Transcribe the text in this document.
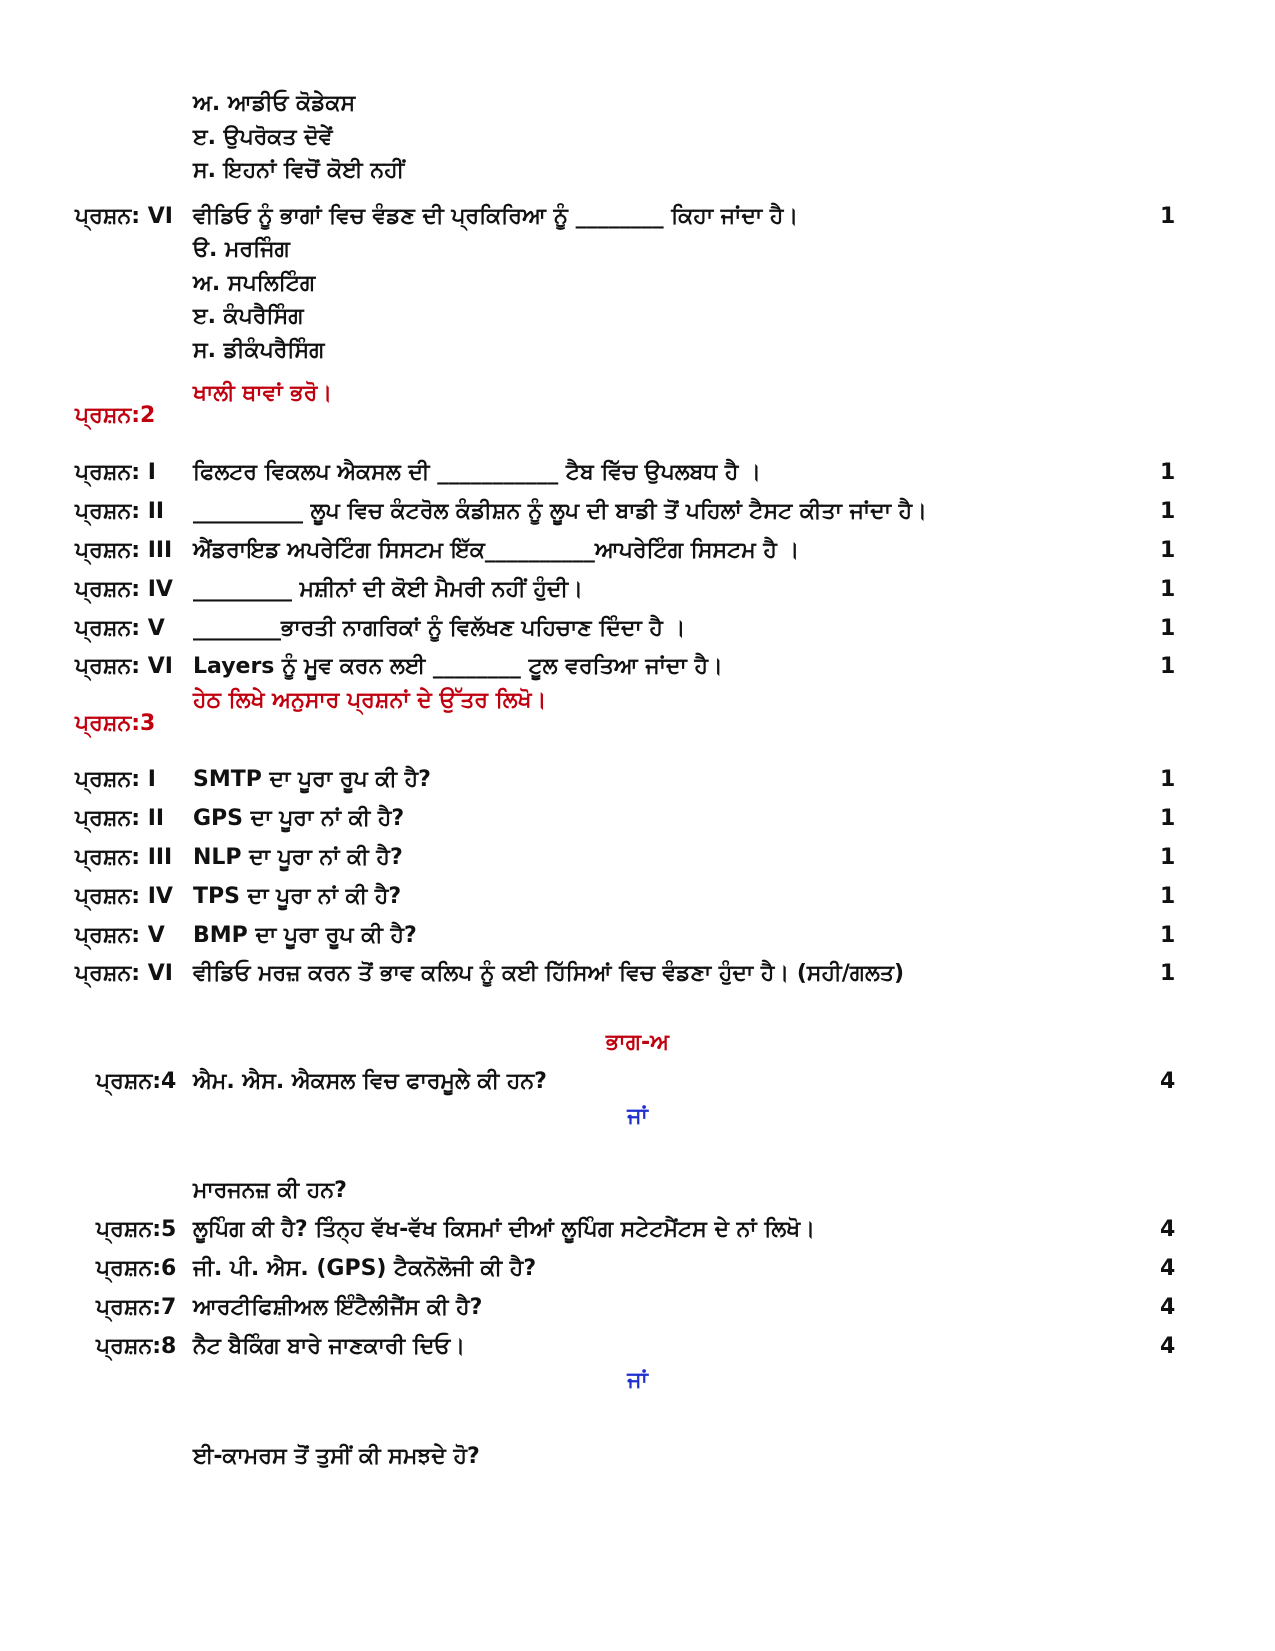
ਅ. ਆਡੀਓ ਕੋਡੇਕਸ
ੲ. ਉਪਰੋਕਤ ਦੋਵੇਂ
ਸ. ਇਹਨਾਂ ਵਿਚੋਂ ਕੋਈ ਨਹੀਂ
ਪ੍ਰਸ਼ਨ: VI ਵੀਡਿਓ ਨੂੰ ਭਾਗਾਂ ਵਿਚ ਵੰਡਣ ਦੀ ਪ੍ਰਕਿਰਿਆ ਨੂੰ ________ ਕਿਹਾ ਜਾਂਦਾ ਹੈ।	1
ੳ. ਮਰਜਿੰਗ
ਅ. ਸਪਲਿਟਿੰਗ
ੲ. ਕੰਪਰੈਸਿੰਗ
ਸ. ਡੀਕੰਪਰੈਸਿੰਗ
ਖਾਲੀ ਥਾਵਾਂ ਭਰੋ।
ਪ੍ਰਸ਼ਨ:2
ਪ੍ਰਸ਼ਨ: I ਫਿਲਟਰ ਵਿਕਲਪ ਐਕਸਲ ਦੀ ___________ ਟੈਬ ਵਿੱਚ ਉਪਲਬਧ ਹੈ ।	1
ਪ੍ਰਸ਼ਨ: II __________ ਲੂਪ ਵਿਚ ਕੰਟਰੋਲ ਕੰਡੀਸ਼ਨ ਨੂੰ ਲੂਪ ਦੀ ਬਾਡੀ ਤੋਂ ਪਹਿਲਾਂ ਟੈਸਟ ਕੀਤਾ ਜਾਂਦਾ ਹੈ।	1
ਪ੍ਰਸ਼ਨ: III ਐਂਡਰਾਇਡ ਅਪਰੇਟਿੰਗ ਸਿਸਟਮ ਇੱਕ__________ਆਪਰੇਟਿੰਗ ਸਿਸਟਮ ਹੈ ।	1
ਪ੍ਰਸ਼ਨ: IV _________ ਮਸ਼ੀਨਾਂ ਦੀ ਕੋਈ ਮੈਮਰੀ ਨਹੀਂ ਹੁੰਦੀ।	1
ਪ੍ਰਸ਼ਨ: V ________ਭਾਰਤੀ ਨਾਗਰਿਕਾਂ ਨੂੰ ਵਿਲੱਖਣ ਪਹਿਚਾਣ ਦਿੰਦਾ ਹੈ ।	1
ਪ੍ਰਸ਼ਨ: VI Layers ਨੂੰ ਮੂਵ ਕਰਨ ਲਈ ________ ਟੂਲ ਵਰਤਿਆ ਜਾਂਦਾ ਹੈ।	1
ਹੇਠ ਲਿਖੇ ਅਨੁਸਾਰ ਪ੍ਰਸ਼ਨਾਂ ਦੇ ਉੱਤਰ ਲਿਖੋ।
ਪ੍ਰਸ਼ਨ:3
ਪ੍ਰਸ਼ਨ: I SMTP ਦਾ ਪੂਰਾ ਰੂਪ ਕੀ ਹੈ?	1
ਪ੍ਰਸ਼ਨ: II GPS ਦਾ ਪੂਰਾ ਨਾਂ ਕੀ ਹੈ?	1
ਪ੍ਰਸ਼ਨ: III NLP ਦਾ ਪੂਰਾ ਨਾਂ ਕੀ ਹੈ?	1
ਪ੍ਰਸ਼ਨ: IV TPS ਦਾ ਪੂਰਾ ਨਾਂ ਕੀ ਹੈ?	1
ਪ੍ਰਸ਼ਨ: V BMP ਦਾ ਪੂਰਾ ਰੂਪ ਕੀ ਹੈ?	1
ਪ੍ਰਸ਼ਨ: VI ਵੀਡਿਓ ਮਰਜ਼ ਕਰਨ ਤੋਂ ਭਾਵ ਕਲਿਪ ਨੂੰ ਕਈ ਹਿੱਸਿਆਂ ਵਿਚ ਵੰਡਣਾ ਹੁੰਦਾ ਹੈ। (ਸਹੀ/ਗਲਤ)	1
ਭਾਗ-ਅ
ਪ੍ਰਸ਼ਨ:4 ਐਮ. ਐਸ. ਐਕਸਲ ਵਿਚ ਫਾਰਮੂਲੇ ਕੀ ਹਨ?	4
ਜਾਂ
ਮਾਰਜਨਜ਼ ਕੀ ਹਨ?
ਪ੍ਰਸ਼ਨ:5 ਲੂਪਿੰਗ ਕੀ ਹੈ? ਤਿੰਨ੍ਹ ਵੱਖ-ਵੱਖ ਕਿਸਮਾਂ ਦੀਆਂ ਲੂਪਿੰਗ ਸਟੇਟਮੈਂਟਸ ਦੇ ਨਾਂ ਲਿਖੋ।	4
ਪ੍ਰਸ਼ਨ:6 ਜੀ. ਪੀ. ਐਸ. (GPS) ਟੈਕਨੋਲੋਜੀ ਕੀ ਹੈ?	4
ਪ੍ਰਸ਼ਨ:7 ਆਰਟੀਫਿਸ਼ੀਅਲ ਇੰਟੈਲੀਜੈਂਸ ਕੀ ਹੈ?	4
ਪ੍ਰਸ਼ਨ:8 ਨੈਟ ਬੈਕਿੰਗ ਬਾਰੇ ਜਾਣਕਾਰੀ ਦਿਓ।	4
ਜਾਂ
ਈ-ਕਾਮਰਸ ਤੋਂ ਤੁਸੀਂ ਕੀ ਸਮਝਦੇ ਹੋ?
